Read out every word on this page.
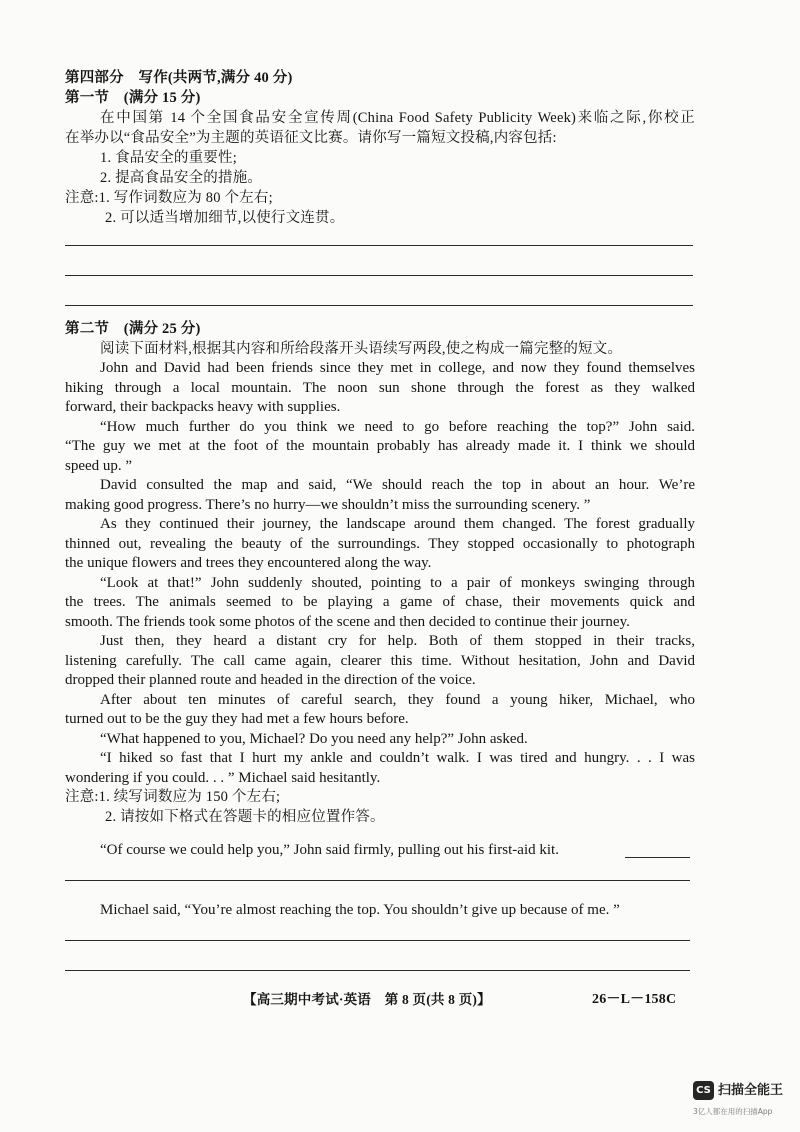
第四部分　写作(共两节,满分 40 分)
第一节　(满分 15 分)
在中国第 14 个全国食品安全宣传周(China Food Safety Publicity Week)来临之际,你校正
在举办以“食品安全”为主题的英语征文比赛。请你写一篇短文投稿,内容包括:
1. 食品安全的重要性;
2. 提高食品安全的措施。
注意:1. 写作词数应为 80 个左右;
2. 可以适当增加细节,以使行文连贯。
第二节　(满分 25 分)
阅读下面材料,根据其内容和所给段落开头语续写两段,使之构成一篇完整的短文。
John and David had been friends since they met in college, and now they found themselves
hiking through a local mountain. The noon sun shone through the forest as they walked
forward, their backpacks heavy with supplies.
“How much further do you think we need to go before reaching the top?” John said.
“The guy we met at the foot of the mountain probably has already made it. I think we should
speed up. ”
David consulted the map and said, “We should reach the top in about an hour. We’re
making good progress. There’s no hurry—we shouldn’t miss the surrounding scenery. ”
As they continued their journey, the landscape around them changed. The forest gradually
thinned out, revealing the beauty of the surroundings. They stopped occasionally to photograph
the unique flowers and trees they encountered along the way.
“Look at that!” John suddenly shouted, pointing to a pair of monkeys swinging through
the trees. The animals seemed to be playing a game of chase, their movements quick and
smooth. The friends took some photos of the scene and then decided to continue their journey.
Just then, they heard a distant cry for help. Both of them stopped in their tracks,
listening carefully. The call came again, clearer this time. Without hesitation, John and David
dropped their planned route and headed in the direction of the voice.
After about ten minutes of careful search, they found a young hiker, Michael, who
turned out to be the guy they had met a few hours before.
“What happened to you, Michael? Do you need any help?” John asked.
“I hiked so fast that I hurt my ankle and couldn’t walk. I was tired and hungry. . . I was
wondering if you could. . . ” Michael said hesitantly.
注意:1. 续写词数应为 150 个左右;
2. 请按如下格式在答题卡的相应位置作答。
“Of course we could help you,” John said firmly, pulling out his first-aid kit.
Michael said, “You’re almost reaching the top. You shouldn’t give up because of me. ”
【高三期中考试·英语　第 8 页(共 8 页)】	26－L－158C
CS 扫描全能王
3亿人都在用的扫描App
